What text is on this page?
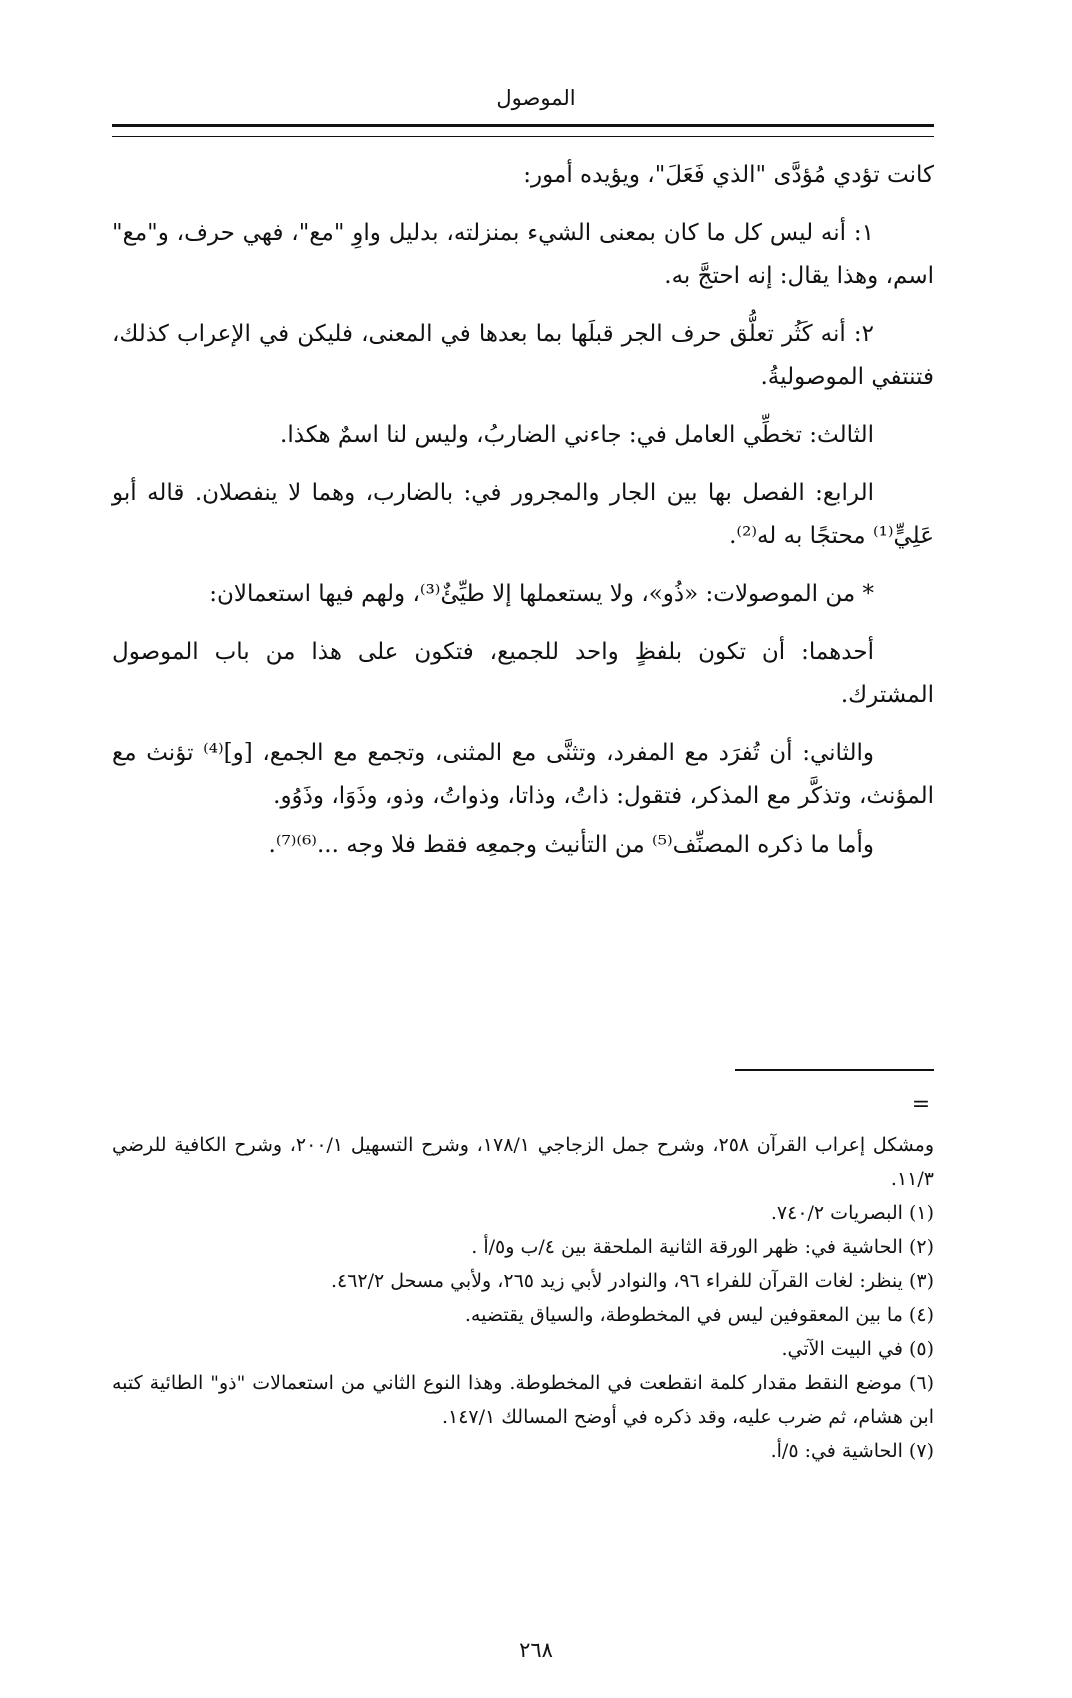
الموصول

كانت تؤدي مُؤدَّى "الذي فَعَلَ"، ويؤيده أمور:

١: أنه ليس كل ما كان بمعنى الشيء بمنزلته، بدليل واوِ "مع"، فهي حرف، و"مع" اسم، وهذا يقال: إنه احتجَّ به.

٢: أنه كَثُر تعلُّق حرف الجر قبلَها بما بعدها في المعنى، فليكن في الإعراب كذلك، فتنتفي الموصوليةُ.

الثالث: تخطِّي العامل في: جاءني الضاربُ، وليس لنا اسمٌ هكذا.

الرابع: الفصل بها بين الجار والمجرور في: بالضارب، وهما لا ينفصلان. قاله أبو عَلِيٍّ⁽¹⁾ محتجًا به له⁽²⁾.

* من الموصولات: «ذُو»، ولا يستعملها إلا طيِّئٌ⁽³⁾، ولهم فيها استعمالان:

أحدهما: أن تكون بلفظٍ واحد للجميع، فتكون على هذا من باب الموصول المشترك.

والثاني: أن تُفرَد مع المفرد، وتثنَّى مع المثنى، وتجمع مع الجمع، [و]⁽⁴⁾ تؤنث مع المؤنث، وتذكَّر مع المذكر، فتقول: ذاتُ، وذاتا، وذواتُ، وذو، وذَوَا، وذَوُو.

وأما ما ذكره المصنِّف⁽⁵⁾ من التأنيث وجمعِه فقط فلا وجه ...⁽⁶⁾⁽⁷⁾.

=

ومشكل إعراب القرآن ٢٥٨، وشرح جمل الزجاجي ١٧٨/١، وشرح التسهيل ٢٠٠/١، وشرح الكافية للرضي ١١/٣.

(١) البصريات ٧٤٠/٢.

(٢) الحاشية في: ظهر الورقة الثانية الملحقة بين ٤/ب و٥/أ .

(٣) ينظر: لغات القرآن للفراء ٩٦، والنوادر لأبي زيد ٢٦٥، ولأبي مسحل ٤٦٢/٢.

(٤) ما بين المعقوفين ليس في المخطوطة، والسياق يقتضيه.

(٥) في البيت الآتي.

(٦) موضع النقط مقدار كلمة انقطعت في المخطوطة. وهذا النوع الثاني من استعمالات "ذو" الطائية كتبه ابن هشام، ثم ضرب عليه، وقد ذكره في أوضح المسالك ١٤٧/١.

(٧) الحاشية في: ٥/أ.

٢٦٨
